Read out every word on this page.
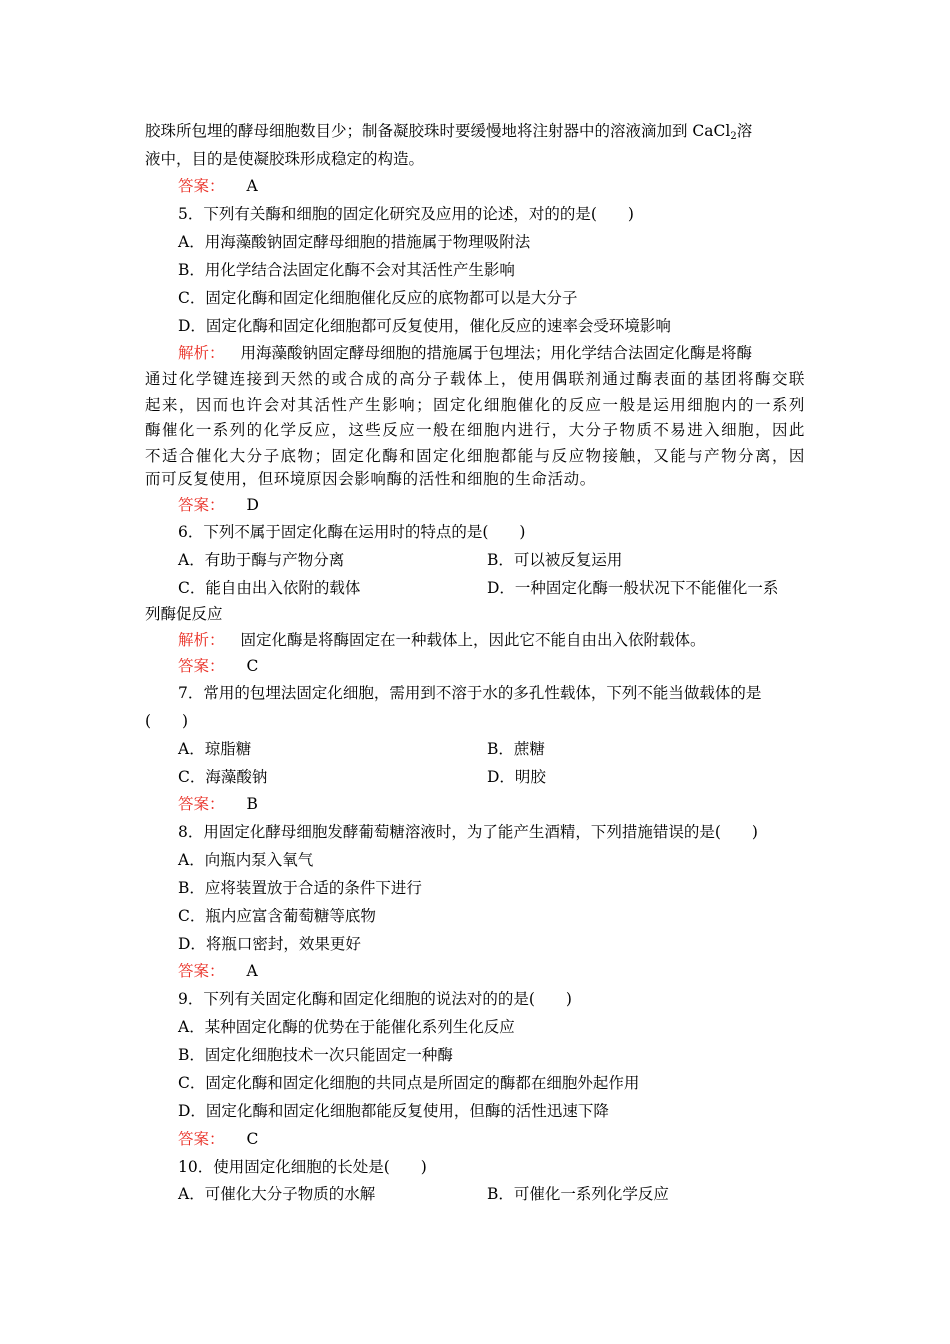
胶珠所包埋的酵母细胞数目少；制备凝胶珠时要缓慢地将注射器中的溶液滴加到 CaCl$_2$溶
液中，目的是使凝胶珠形成稳定的构造。
答案： A
5．下列有关酶和细胞的固定化研究及应用的论述，对的的是(　　)
A．用海藻酸钠固定酵母细胞的措施属于物理吸附法
B．用化学结合法固定化酶不会对其活性产生影响
C．固定化酶和固定化细胞催化反应的底物都可以是大分子
D．固定化酶和固定化细胞都可反复使用，催化反应的速率会受环境影响
解析： 用海藻酸钠固定酵母细胞的措施属于包埋法；用化学结合法固定化酶是将酶
通过化学键连接到天然的或合成的高分子载体上，使用偶联剂通过酶表面的基团将酶交联
起来，因而也许会对其活性产生影响；固定化细胞催化的反应一般是运用细胞内的一系列
酶催化一系列的化学反应，这些反应一般在细胞内进行，大分子物质不易进入细胞，因此
不适合催化大分子底物；固定化酶和固定化细胞都能与反应物接触，又能与产物分离，因
而可反复使用，但环境原因会影响酶的活性和细胞的生命活动。
答案： D
6．下列不属于固定化酶在运用时的特点的是(　　)
A．有助于酶与产物分离	B．可以被反复运用
C．能自由出入依附的载体	D．一种固定化酶一般状况下不能催化一系
列酶促反应
解析： 固定化酶是将酶固定在一种载体上，因此它不能自由出入依附载体。
答案： C
7．常用的包埋法固定化细胞，需用到不溶于水的多孔性载体，下列不能当做载体的是
(　　)
A．琼脂糖	B．蔗糖
C．海藻酸钠	D．明胶
答案： B
8．用固定化酵母细胞发酵葡萄糖溶液时，为了能产生酒精，下列措施错误的是(　　)
A．向瓶内泵入氧气
B．应将装置放于合适的条件下进行
C．瓶内应富含葡萄糖等底物
D．将瓶口密封，效果更好
答案： A
9．下列有关固定化酶和固定化细胞的说法对的的是(　　)
A．某种固定化酶的优势在于能催化系列生化反应
B．固定化细胞技术一次只能固定一种酶
C．固定化酶和固定化细胞的共同点是所固定的酶都在细胞外起作用
D．固定化酶和固定化细胞都能反复使用，但酶的活性迅速下降
答案： C
10．使用固定化细胞的长处是(　　)
A．可催化大分子物质的水解	B．可催化一系列化学反应
